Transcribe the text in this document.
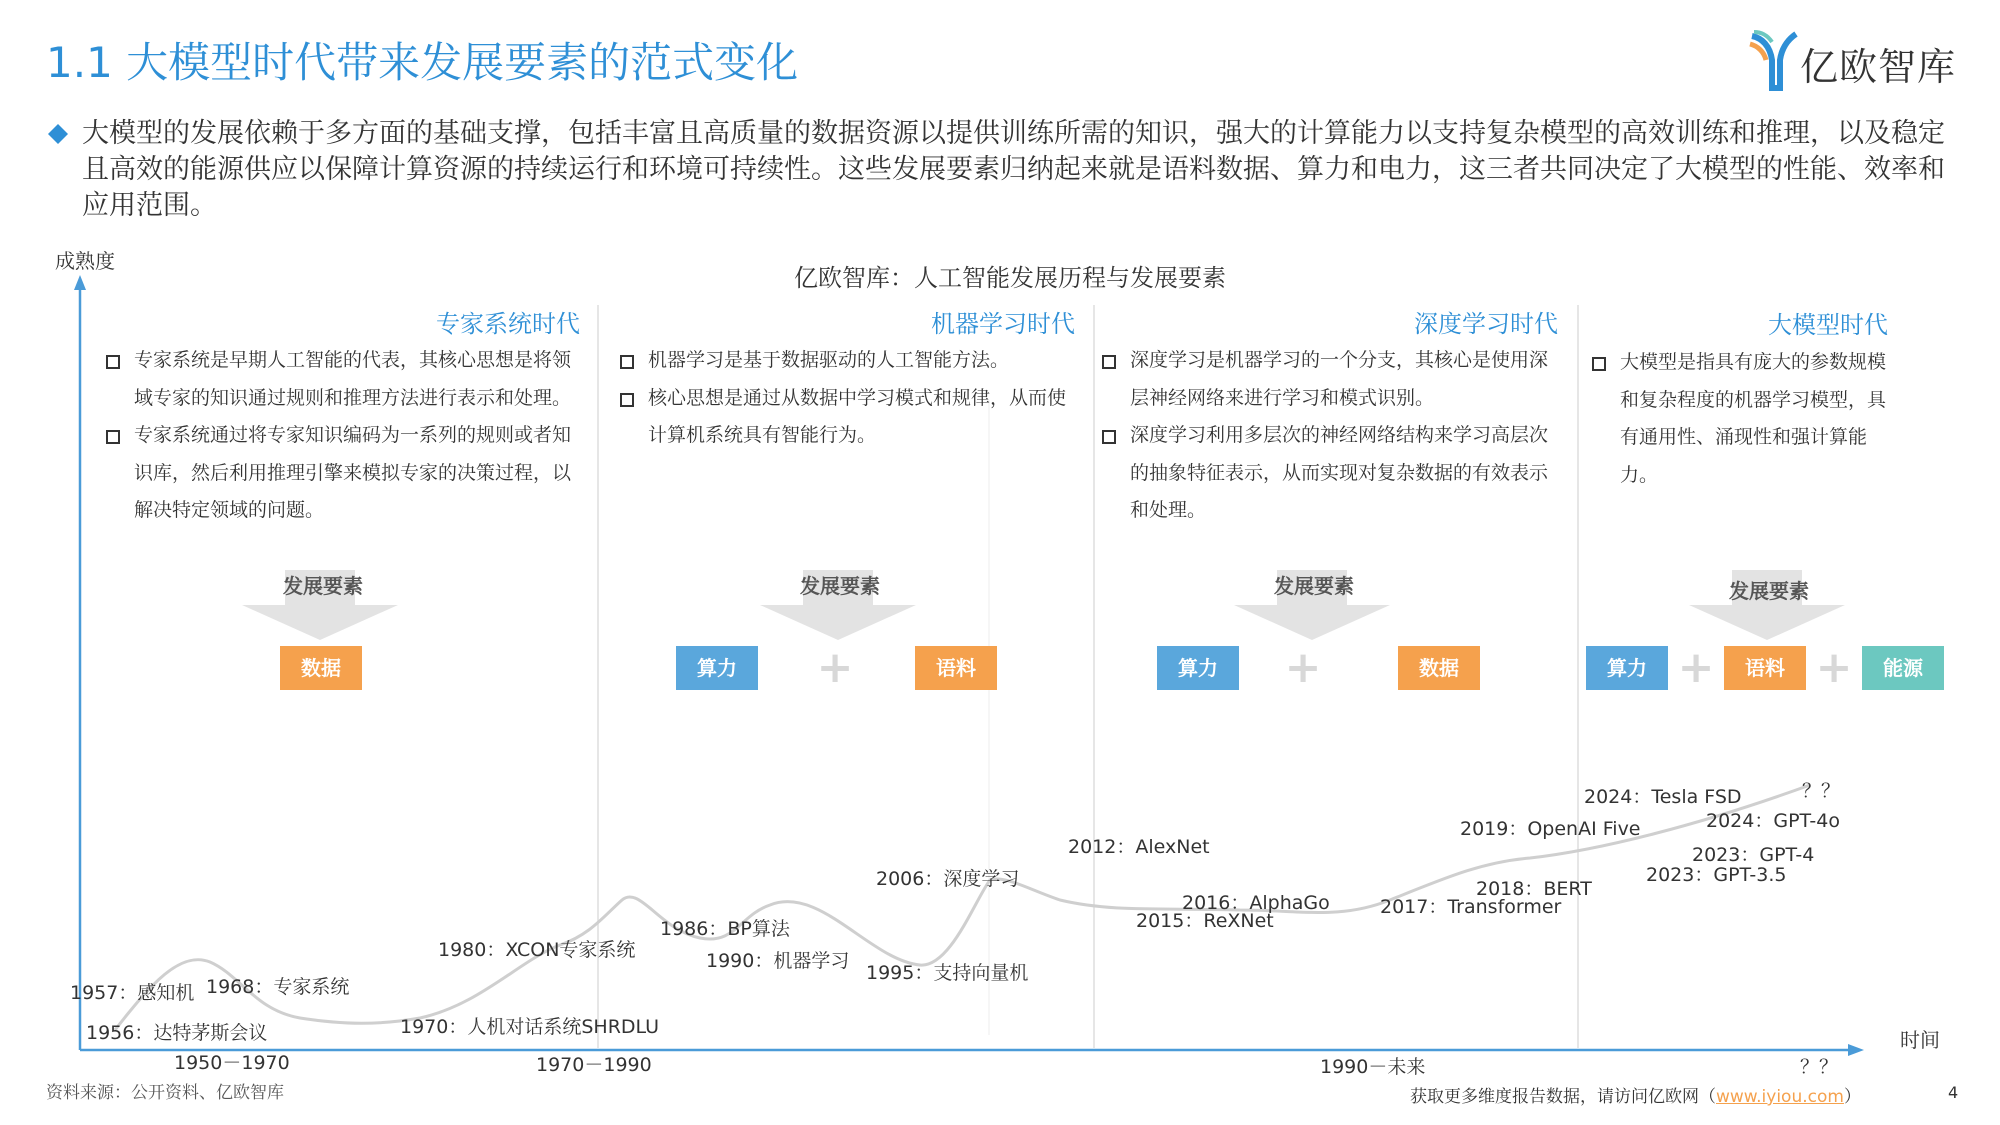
1.1 大模型时代带来发展要素的范式变化	亿欧智库
大模型的发展依赖于多方面的基础支撑，包括丰富且高质量的数据资源以提供训练所需的知识，强大的计算能力以支持复杂模型的高效训练和推理，以及稳定且高效的能源供应以保障计算资源的持续运行和环境可持续性。这些发展要素归纳起来就是语料数据、算力和电力，这三者共同决定了大模型的性能、效率和应用范围。
亿欧智库：人工智能发展历程与发展要素
成熟度
时间
专家系统时代
专家系统是早期人工智能的代表，其核心思想是将领域专家的知识通过规则和推理方法进行表示和处理。
专家系统通过将专家知识编码为一系列的规则或者知识库，然后利用推理引擎来模拟专家的决策过程，以解决特定领域的问题。
发展要素
数据
机器学习时代
机器学习是基于数据驱动的人工智能方法。
核心思想是通过从数据中学习模式和规律，从而使计算机系统具有智能行为。
发展要素
算力	+	语料
深度学习时代
深度学习是机器学习的一个分支，其核心是使用深层神经网络来进行学习和模式识别。
深度学习利用多层次的神经网络结构来学习高层次的抽象特征表示，从而实现对复杂数据的有效表示和处理。
发展要素
算力	+	数据
大模型时代
大模型是指具有庞大的参数规模和复杂程度的机器学习模型，具有通用性、涌现性和强计算能力。
发展要素
算力 +	语料 +	能源
1957：感知机
1956：达特茅斯会议
1968：专家系统
1970：人机对话系统SHRDLU
1980：XCON专家系统
1986：BP算法
1990：机器学习
1995：支持向量机
2006：深度学习
2012：AlexNet
2015：ReXNet
2016：AlphaGo	2017：Transformer
2018：BERT
2019：OpenAI Five
2023：GPT-3.5
2023：GPT-4
2024：GPT-4o
2024：Tesla FSD	？？
1950－1970	1970－1990	1990－未来	？？
资料来源：公开资料、亿欧智库	获取更多维度报告数据，请访问亿欧网（www.iyiou.com）	4
